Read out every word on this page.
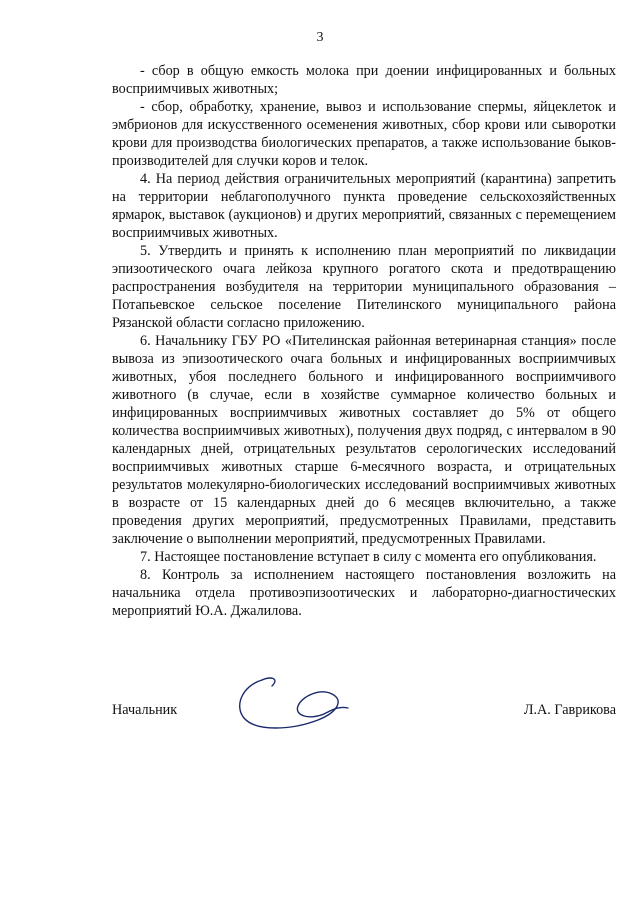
3

- сбор в общую емкость молока при доении инфицированных и больных восприимчивых животных;

- сбор, обработку, хранение, вывоз и использование спермы, яйцеклеток и эмбрионов для искусственного осеменения животных, сбор крови или сыворотки крови для производства биологических препаратов, а также использование быков-производителей для случки коров и телок.

4. На период действия ограничительных мероприятий (карантина) запретить на территории неблагополучного пункта проведение сельскохозяйственных ярмарок, выставок (аукционов) и других мероприятий, связанных с перемещением восприимчивых животных.

5. Утвердить и принять к исполнению план мероприятий по ликвидации эпизоотического очага лейкоза крупного рогатого скота и предотвращению распространения возбудителя на территории муниципального образования – Потапьевское сельское поселение Пителинского муниципального района Рязанской области согласно приложению.

6. Начальнику ГБУ РО «Пителинская районная ветеринарная станция» после вывоза из эпизоотического очага больных и инфицированных восприимчивых животных, убоя последнего больного и инфицированного восприимчивого животного (в случае, если в хозяйстве суммарное количество больных и инфицированных восприимчивых животных составляет до 5% от общего количества восприимчивых животных), получения двух подряд, с интервалом в 90 календарных дней, отрицательных результатов серологических исследований восприимчивых животных старше 6-месячного возраста, и отрицательных результатов молекулярно-биологических исследований восприимчивых животных в возрасте от 15 календарных дней до 6 месяцев включительно, а также проведения других мероприятий, предусмотренных Правилами, представить заключение о выполнении мероприятий, предусмотренных Правилами.

7. Настоящее постановление вступает в силу с момента его опубликования.

8. Контроль за исполнением настоящего постановления возложить на начальника отдела противоэпизоотических и лабораторно-диагностических мероприятий Ю.А. Джалилова.

Начальник	Л.А. Гаврикова
